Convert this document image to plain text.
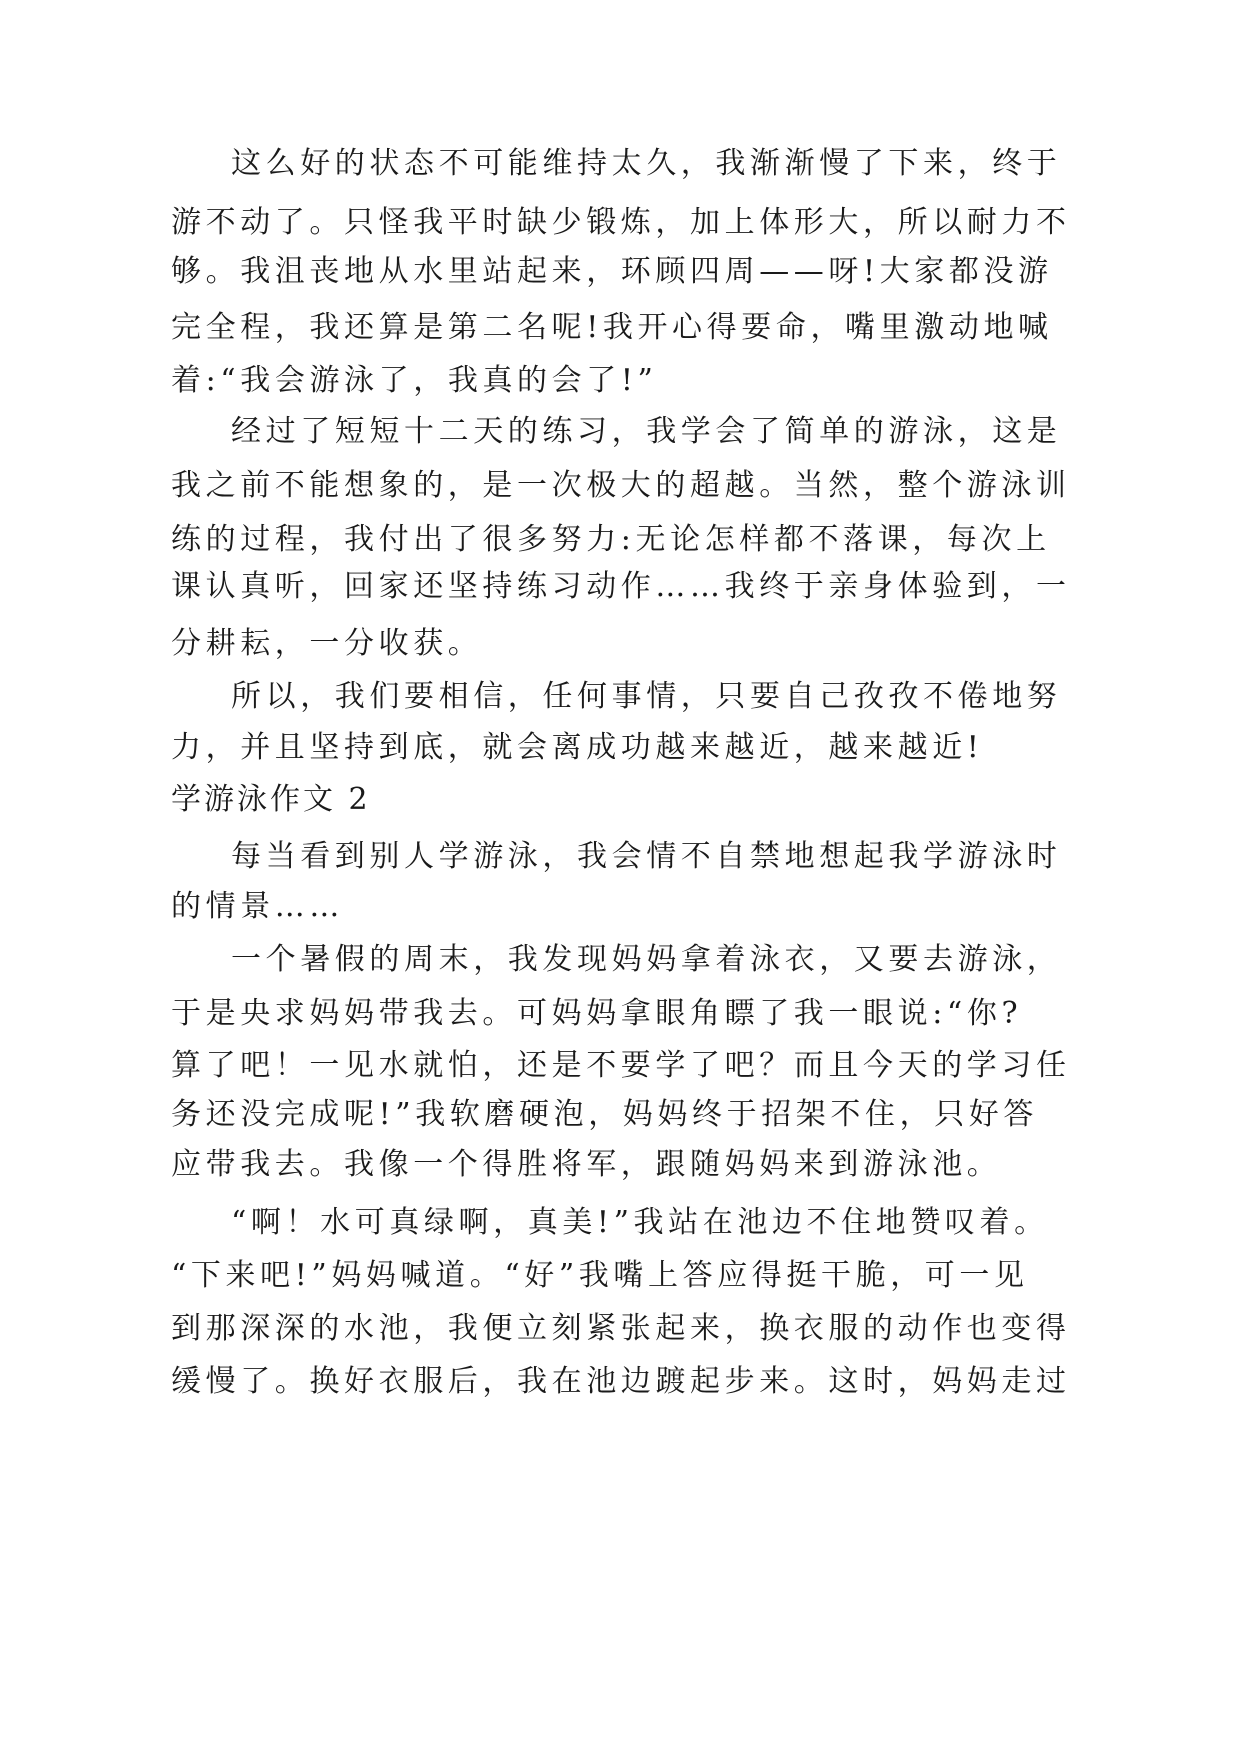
这么好的状态不可能维持太久，我渐渐慢了下来，终于
游不动了。只怪我平时缺少锻炼，加上体形大，所以耐力不
够。我沮丧地从水里站起来，环顾四周——呀!大家都没游
完全程，我还算是第二名呢!我开心得要命，嘴里激动地喊
着:“我会游泳了，我真的会了!”
经过了短短十二天的练习，我学会了简单的游泳，这是
我之前不能想象的，是一次极大的超越。当然，整个游泳训
练的过程，我付出了很多努力:无论怎样都不落课，每次上
课认真听，回家还坚持练习动作……我终于亲身体验到，一
分耕耘，一分收获。
所以，我们要相信，任何事情，只要自己孜孜不倦地努
力，并且坚持到底，就会离成功越来越近，越来越近!
学游泳作文 2
每当看到别人学游泳，我会情不自禁地想起我学游泳时
的情景……
一个暑假的周末，我发现妈妈拿着泳衣，又要去游泳，
于是央求妈妈带我去。可妈妈拿眼角瞟了我一眼说:“你?
算了吧！一见水就怕，还是不要学了吧？而且今天的学习任
务还没完成呢!”我软磨硬泡，妈妈终于招架不住，只好答
应带我去。我像一个得胜将军，跟随妈妈来到游泳池。
“啊！水可真绿啊，真美!”我站在池边不住地赞叹着。
“下来吧!”妈妈喊道。“好”我嘴上答应得挺干脆，可一见
到那深深的水池，我便立刻紧张起来，换衣服的动作也变得
缓慢了。换好衣服后，我在池边踱起步来。这时，妈妈走过
